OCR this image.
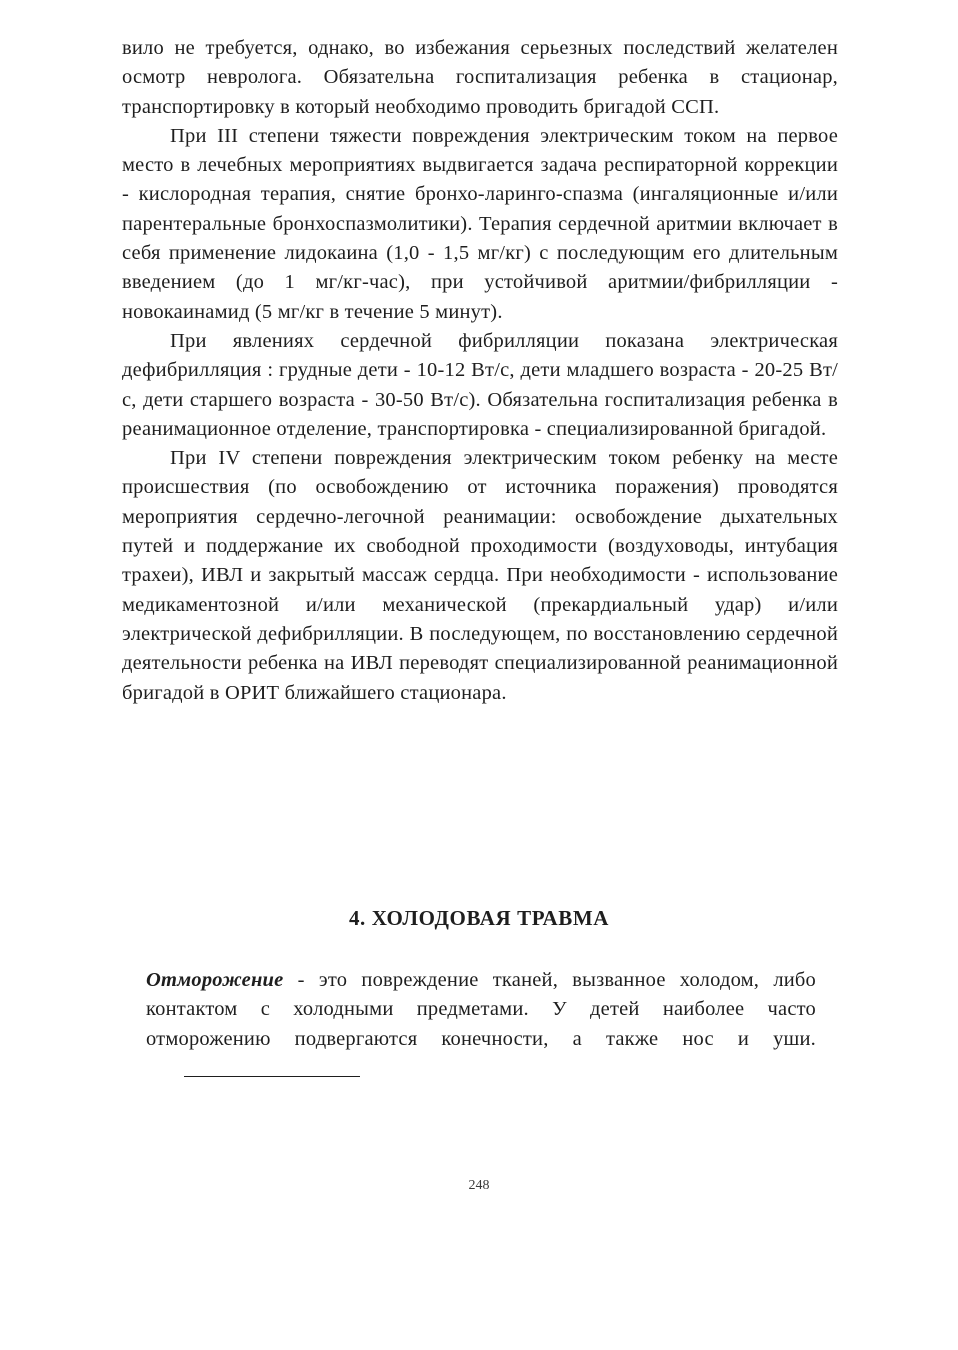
вило не требуется, однако, во избежания серьезных последствий желателен осмотр невролога. Обязательна госпитализация ребенка в стационар, транспортировку в который необходимо проводить бригадой ССП.

При III степени тяжести повреждения электрическим током на первое место в лечебных мероприятиях выдвигается задача респираторной коррекции - кислородная терапия, снятие бронхо-ларинго-спазма (ингаляционные и/или парентеральные бронхоспазмолитики). Терапия сердечной аритмии включает в себя применение лидокаина (1,0 - 1,5 мг/кг) с последующим его длительным введением (до 1 мг/кг-час), при устойчивой аритмии/фибрилляции - новокаинамид (5 мг/кг в течение 5 минут).

При явлениях сердечной фибрилляции показана электрическая дефибрилляция : грудные дети - 10-12 Вт/с, дети младшего возраста - 20-25 Вт/с, дети старшего возраста - 30-50 Вт/с). Обязательна госпитализация ребенка в реанимационное отделение, транспортировка - специализированной бригадой.

При IV степени повреждения электрическим током ребенку на месте происшествия (по освобождению от источника поражения) проводятся мероприятия сердечно-легочной реанимации: освобождение дыхательных путей и поддержание их свободной проходимости (воздуховоды, интубация трахеи), ИВЛ и закрытый массаж сердца. При необходимости - использование медикаментозной и/или механической (прекардиальный удар) и/или электрической дефибрилляции. В последующем, по восстановлению сердечной деятельности ребенка на ИВЛ переводят специализированной реанимационной бригадой в ОРИТ ближайшего стационара.

4. ХОЛОДОВАЯ ТРАВМА

Отморожение - это повреждение тканей, вызванное холодом, либо контактом с холодными предметами. У детей наиболее часто отморожению подвергаются конечности, а также нос и уши.

248
